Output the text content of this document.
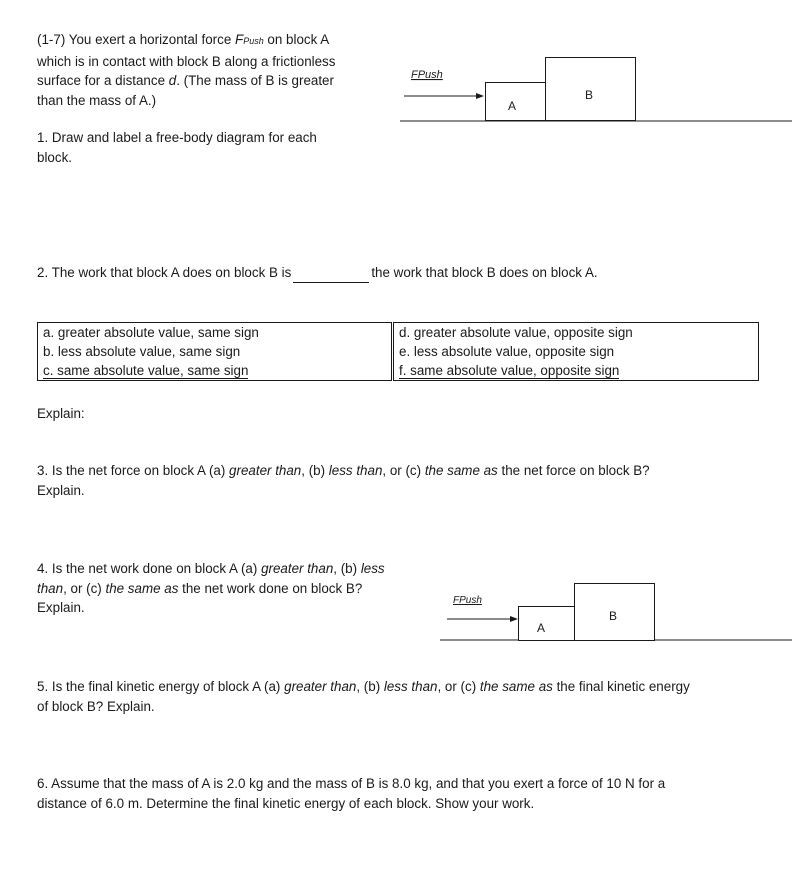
(1-7) You exert a horizontal force FPush on block A
which is in contact with block B along a frictionless
surface for a distance d. (The mass of B is greater
than the mass of A.)
FPush
A
B
1. Draw and label a free-body diagram for each
block.
2. The work that block A does on block B is	the work that block B does on block A.
a. greater absolute value, same sign
b. less absolute value, same sign
c. same absolute value, same sign
d. greater absolute value, opposite sign
e. less absolute value, opposite sign
f. same absolute value, opposite sign
Explain:
3. Is the net force on block A (a) greater than, (b) less than, or (c) the same as the net force on block B?
Explain.
4. Is the net work done on block A (a) greater than, (b) less
than, or (c) the same as the net work done on block B?
Explain.	FPush
A
B
5. Is the final kinetic energy of block A (a) greater than, (b) less than, or (c) the same as the final kinetic energy
of block B? Explain.
6. Assume that the mass of A is 2.0 kg and the mass of B is 8.0 kg, and that you exert a force of 10 N for a
distance of 6.0 m. Determine the final kinetic energy of each block. Show your work.
